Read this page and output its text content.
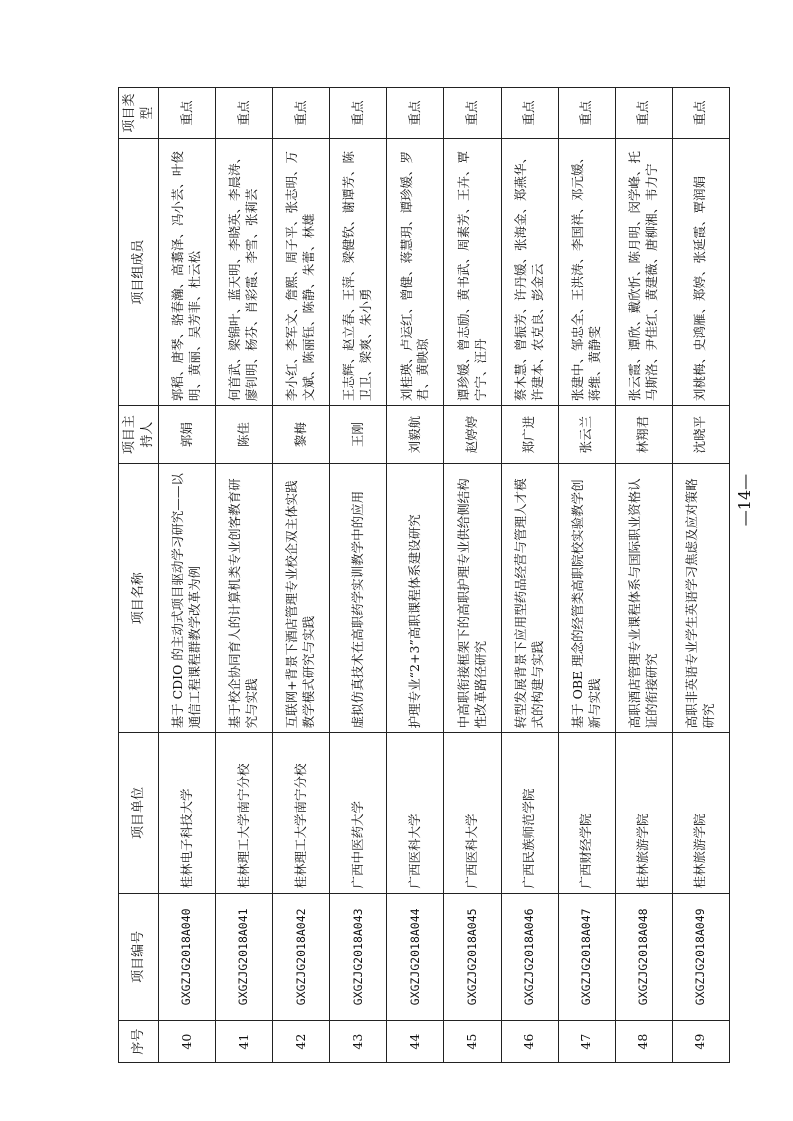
序号	项目编号	项目单位	项目名称	项目主持人	项目组成员	项目类型
40	GXGZJG2018A040	桂林电子科技大学	基于 CDIO 的主动式项目驱动学习研究——以通信工程课程群教学改革为例	郭娟	郭稻、唐琴、骆春瀚、高翥泽、冯小芸、叶俊明、黄丽、吴芳菲、杜云松	重点
41	GXGZJG2018A041	桂林理工大学南宁分校	基于校企协同育人的计算机类专业创客教育研究与实践	陈佳	何首武、梁锦叶、蓝天明、李晓英、李晨涛、廖钊明、杨芬、肖彩霞、李雪、张莉芸	重点
42	GXGZJG2018A042	桂林理工大学南宁分校	互联网+背景下酒店管理专业校企双主体实践教学模式研究与实践	黎梅	李小红、李军文、詹熙、周子平、张志明、万文斌、陈丽钰、陈静、朱蕾、林雄	重点
43	GXGZJG2018A043	广西中医药大学	虚拟仿真技术在高职药学实训教学中的应用	王刚	王志辉、赵立春、王萍、梁健钦、谢谭芳、陈卫卫、梁爽、朱小勇	重点
44	GXGZJG2018A044	广西医科大学	护理专业“2+3”高职课程体系建设研究	刘毅航	刘桂瑛、卢运红、曾健、蒋慧玥、谭珍媛、罗君、黄映琼	重点
45	GXGZJG2018A045	广西医科大学	中高职衔接框架下的高职护理专业供给侧结构性改革路径研究	赵婷婷	谭珍媛、曾志励、黄书武、周素芳、王卉、覃宁宁、汪丹	重点
46	GXGZJG2018A046	广西民族师范学院	转型发展背景下应用型药品经营与管理人才模式的构建与实践	郑广进	蔡木慧、曾振芳、许丹媛、张海金、郑燕华、许建本、农克良、彭金云	重点
47	GXGZJG2018A047	广西财经学院	基于 OBE 理念的经管类高职院校实验教学创新与实践	张云兰	张建中、邹忠全、王洪涛、李国祥、邓元媛、蒋维、黄静雯	重点
48	GXGZJG2018A048	桂林旅游学院	高职酒店管理专业课程体系与国际职业资格认证的衔接研究	林翔君	张云霞、谭欣、戴欣忻、陈月明、闵学峰、托马斯洛、尹佳红、黄建薇、唐柳湘、韦力宁	重点
49	GXGZJG2018A049	桂林旅游学院	高职非英语专业学生英语学习焦虑及应对策略研究	沈晓平	刘桃梅、史鸿雁、郑婷、张延霞、覃润娟	重点
—14—
